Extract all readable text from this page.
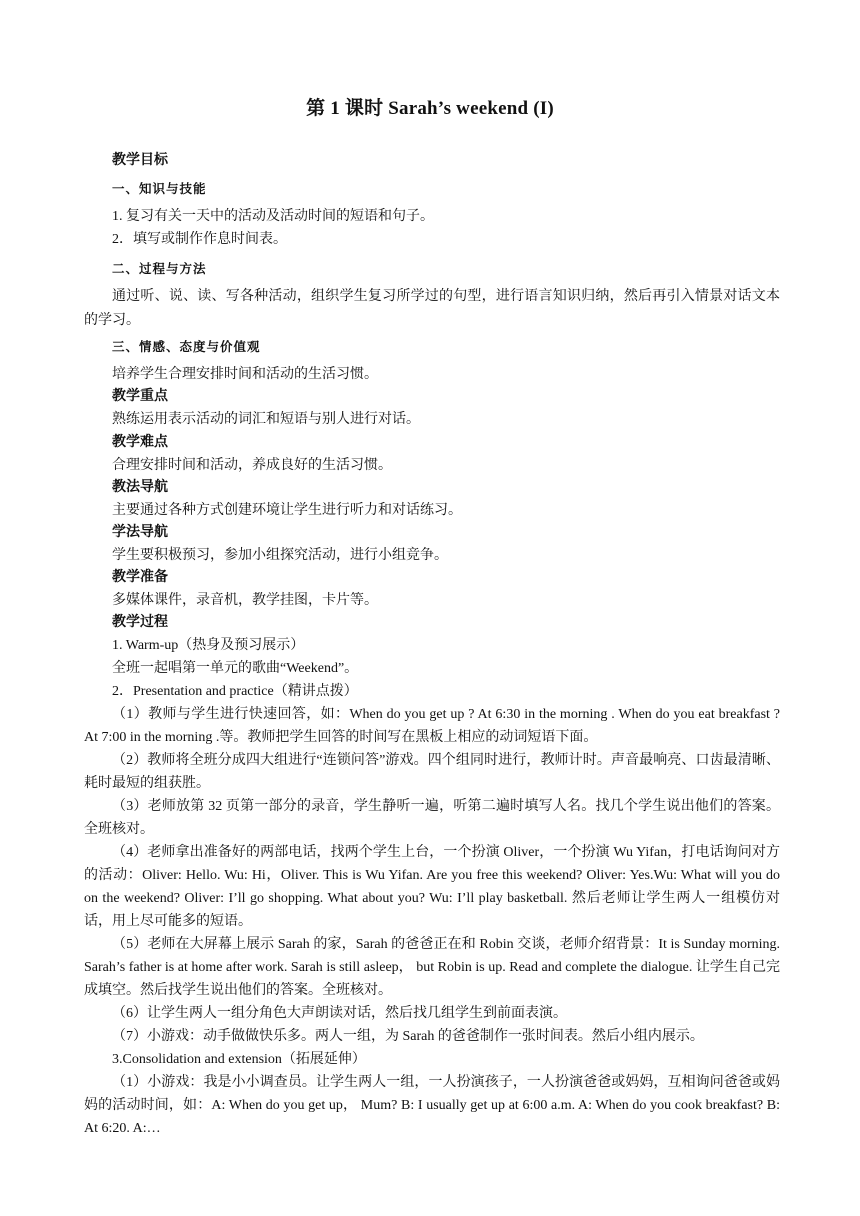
第 1 课时 Sarah’s weekend (I)

教学目标

一、知识与技能

1. 复习有关一天中的活动及活动时间的短语和句子。

2．填写或制作作息时间表。

二、过程与方法

通过听、说、读、写各种活动，组织学生复习所学过的句型，进行语言知识归纳，然后再引入情景对话文本的学习。

三、情感、态度与价值观

培养学生合理安排时间和活动的生活习惯。

教学重点

熟练运用表示活动的词汇和短语与别人进行对话。

教学难点

合理安排时间和活动，养成良好的生活习惯。

教法导航

主要通过各种方式创建环境让学生进行听力和对话练习。

学法导航

学生要积极预习，参加小组探究活动，进行小组竞争。

教学准备

多媒体课件，录音机，教学挂图，卡片等。

教学过程

1. Warm-up（热身及预习展示）

全班一起唱第一单元的歌曲“Weekend”。

2．Presentation and practice（精讲点拨）

（1）教师与学生进行快速回答，如：When do you get up ? At 6:30 in the morning . When do you eat breakfast ? At 7:00 in the morning .等。教师把学生回答的时间写在黑板上相应的动词短语下面。

（2）教师将全班分成四大组进行“连锁问答”游戏。四个组同时进行，教师计时。声音最响亮、口齿最清晰、耗时最短的组获胜。

（3）老师放第 32 页第一部分的录音，学生静听一遍，听第二遍时填写人名。找几个学生说出他们的答案。全班核对。

（4）老师拿出准备好的两部电话，找两个学生上台，一个扮演 Oliver，一个扮演 Wu Yifan，打电话询问对方的活动：Oliver: Hello. Wu: Hi，Oliver. This is Wu Yifan. Are you free this weekend? Oliver: Yes.Wu: What will you do on the weekend? Oliver: I’ll go shopping. What about you? Wu: I’ll play basketball. 然后老师让学生两人一组模仿对话，用上尽可能多的短语。

（5）老师在大屏幕上展示 Sarah 的家，Sarah 的爸爸正在和 Robin 交谈，老师介绍背景：It is Sunday morning. Sarah’s father is at home after work. Sarah is still asleep， but Robin is up. Read and complete the dialogue. 让学生自己完成填空。然后找学生说出他们的答案。全班核对。

（6）让学生两人一组分角色大声朗读对话，然后找几组学生到前面表演。

（7）小游戏：动手做做快乐多。两人一组，为 Sarah 的爸爸制作一张时间表。然后小组内展示。

3.Consolidation and extension（拓展延伸）

（1）小游戏：我是小小调查员。让学生两人一组，一人扮演孩子，一人扮演爸爸或妈妈，互相询问爸爸或妈妈的活动时间，如：A: When do you get up， Mum? B: I usually get up at 6:00 a.m. A: When do you cook breakfast? B: At 6:20. A:…
